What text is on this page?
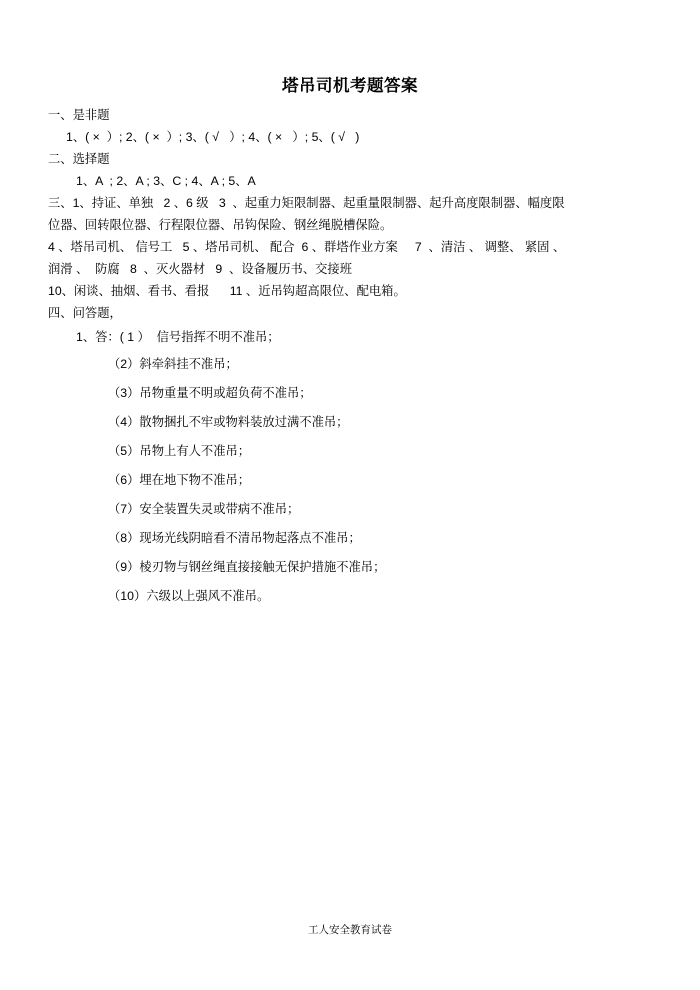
塔吊司机考题答案
一、是非题
1、( ×  ）; 2、( ×  ）; 3、( √   ）; 4、( ×   ）; 5、( √   )
二、选择题
1、A  ; 2、A ; 3、C ; 4、A ; 5、A
三、1、持证、单独   2 、6 级   3  、起重力矩限制器、起重量限制器、起升高度限制器、幅度限
位器、回转限位器、行程限位器、吊钩保险、钢丝绳脱槽保险。
4 、塔吊司机、 信号工   5 、塔吊司机、 配合  6 、群塔作业方案     7  、清洁 、 调整、 紧固 、
润滑 、  防腐   8  、灭火器材   9  、设备履历书、交接班
10、闲谈、抽烟、看书、看报      11 、近吊钩超高限位、配电箱。
四、问答题，
1、答：( 1 ）  信号指挥不明不准吊；
（2）斜牵斜挂不准吊；
（3）吊物重量不明或超负荷不准吊；
（4）散物捆扎不牢或物料装放过满不准吊；
（5）吊物上有人不准吊；
（6）埋在地下物不准吊；
（7）安全装置失灵或带病不准吊；
（8）现场光线阴暗看不清吊物起落点不准吊；
（9）棱刃物与钢丝绳直接接触无保护措施不准吊；
（10）六级以上强风不准吊。
工人安全教育试卷
